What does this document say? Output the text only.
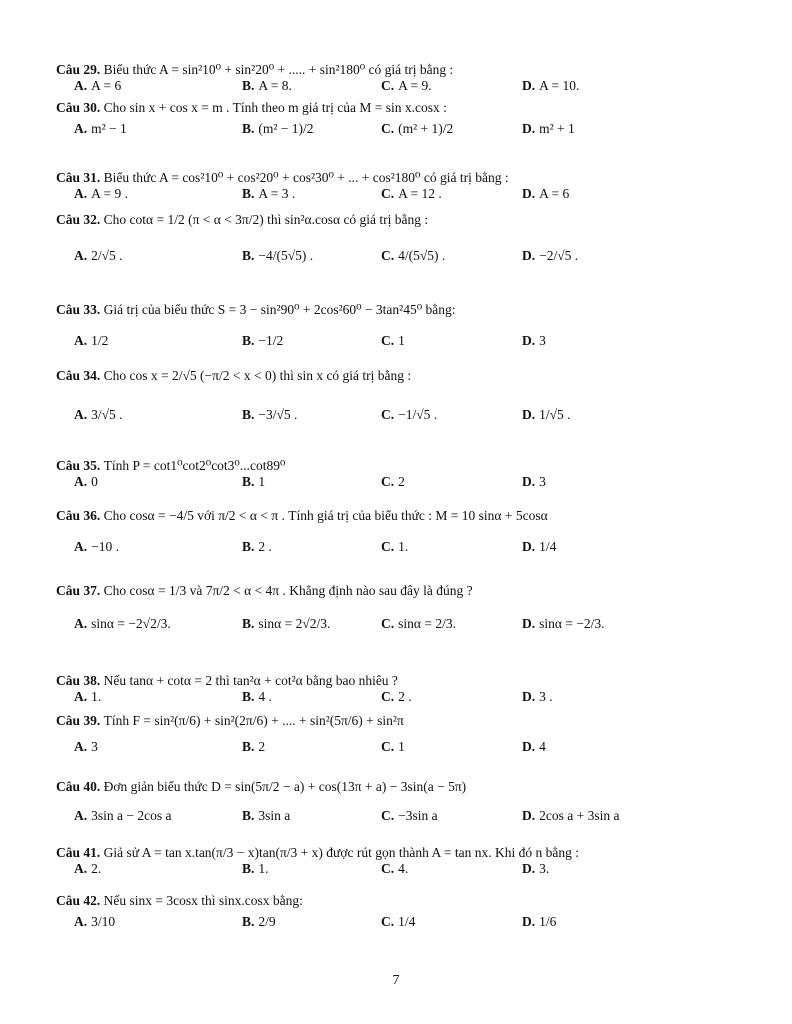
Câu 29. Biểu thức A = sin²10⁰ + sin²20⁰ + ..... + sin²180⁰ có giá trị bằng :
A. A = 6	B. A = 8.	C. A = 9.	D. A = 10.
Câu 30. Cho sin x + cos x = m . Tính theo m giá trị của M = sin x.cosx :
A. m² − 1	B. (m² − 1)/2	C. (m² + 1)/2	D. m² + 1
Câu 31. Biểu thức A = cos²10⁰ + cos²20⁰ + cos²30⁰ + ... + cos²180⁰ có giá trị bằng :
A. A = 9 .	B. A = 3 .	C. A = 12 .	D. A = 6
Câu 32. Cho cotα = 1/2 (π < α < 3π/2) thì sin²α.cosα có giá trị bằng :
A. 2/√5 .	B. −4/(5√5) .	C. 4/(5√5) .	D. −2/√5 .
Câu 33. Giá trị của biểu thức S = 3 − sin²90⁰ + 2cos²60⁰ − 3tan²45⁰ bằng:
A. 1/2	B. −1/2	C. 1	D. 3
Câu 34. Cho cos x = 2/√5 (−π/2 < x < 0) thì sin x có giá trị bằng :
A. 3/√5 .	B. −3/√5 .	C. −1/√5 .	D. 1/√5 .
Câu 35. Tính P = cot1⁰cot2⁰cot3⁰...cot89⁰
A. 0	B. 1	C. 2	D. 3
Câu 36. Cho cosα = −4/5 với π/2 < α < π . Tính giá trị của biểu thức : M = 10 sinα + 5cosα
A. −10 .	B. 2 .	C. 1.	D. 1/4
Câu 37. Cho cosα = 1/3 và 7π/2 < α < 4π . Khẳng định nào sau đây là đúng ?
A. sinα = −2√2/3.	B. sinα = 2√2/3.	C. sinα = 2/3.	D. sinα = −2/3.
Câu 38. Nếu tanα + cotα = 2 thì tan²α + cot²α bằng bao nhiêu ?
A. 1.	B. 4 .	C. 2 .	D. 3 .
Câu 39. Tính F = sin²(π/6) + sin²(2π/6) + .... + sin²(5π/6) + sin²π
A. 3	B. 2	C. 1	D. 4
Câu 40. Đơn giản biểu thức D = sin(5π/2 − a) + cos(13π + a) − 3sin(a − 5π)
A. 3sin a − 2cos a	B. 3sin a	C. −3sin a	D. 2cos a + 3sin a
Câu 41. Giả sử A = tan x.tan(π/3 − x)tan(π/3 + x) được rút gọn thành A = tan nx. Khi đó n bằng :
A. 2.	B. 1.	C. 4.	D. 3.
Câu 42. Nếu sinx = 3cosx thì sinx.cosx bằng:
A. 3/10	B. 2/9	C. 1/4	D. 1/6
7
